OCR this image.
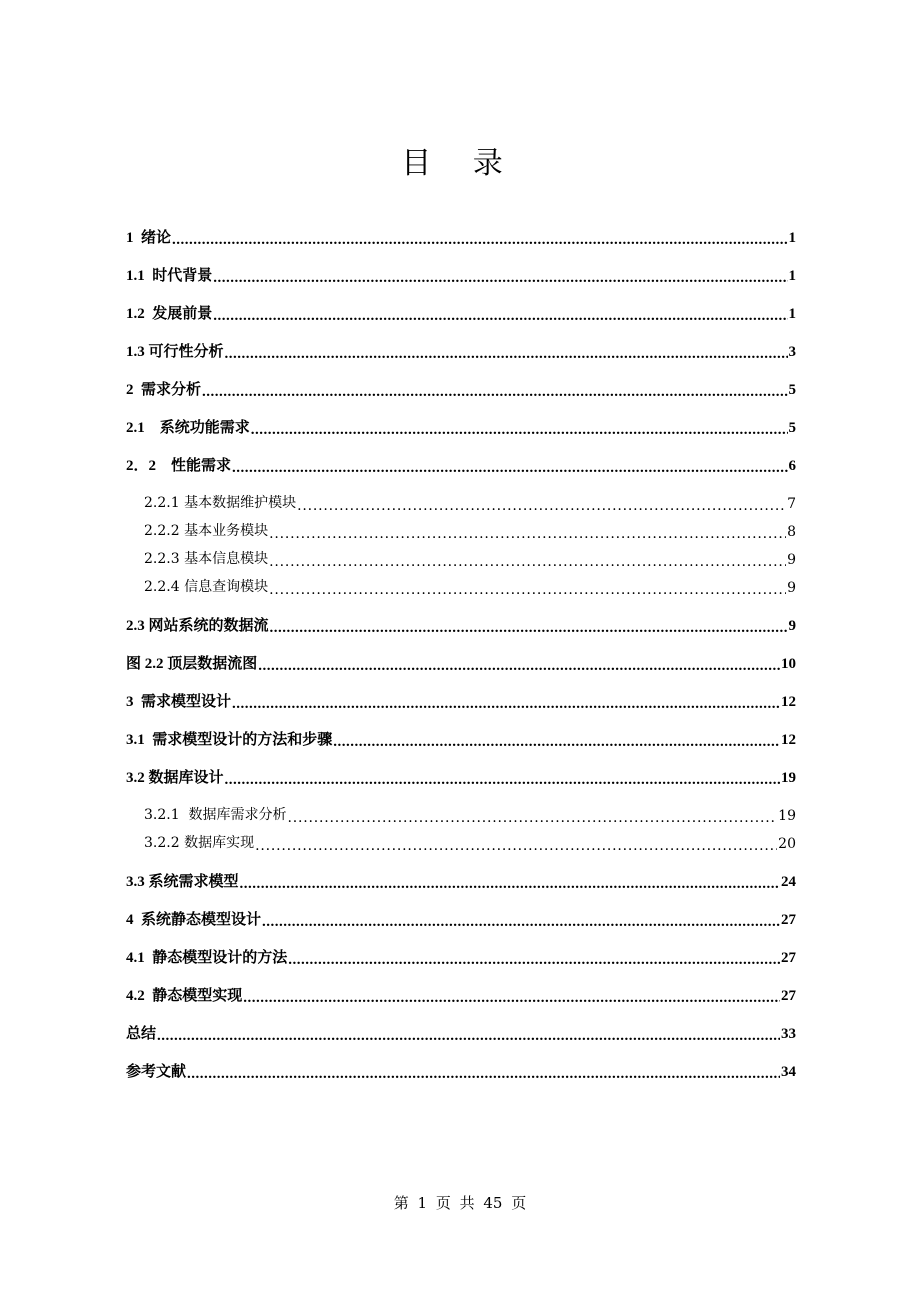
目 录
1  绪论 .....	1
1.1  时代背景 .....	1
1.2  发展前景 .....	1
1.3 可行性分析 .....	3
2  需求分析 .....	5
2.1    系统功能需求 .....	5
2．2    性能需求 .....	6
2.2.1 基本数据维护模块 .....	7
2.2.2 基本业务模块 .....	8
2.2.3 基本信息模块 .....	9
2.2.4 信息查询模块 .....	9
2.3 网站系统的数据流 .....	9
图 2.2 顶层数据流图 .....	10
3  需求模型设计 .....	12
3.1  需求模型设计的方法和步骤 .....	12
3.2 数据库设计 .....	19
3.2.1  数据库需求分析 .....	19
3.2.2 数据库实现 .....	20
3.3 系统需求模型 .....	24
4  系统静态模型设计 .....	27
4.1  静态模型设计的方法 .....	27
4.2  静态模型实现 .....	27
总结 .....	33
参考文献 .....	34
第 1 页 共 45 页
